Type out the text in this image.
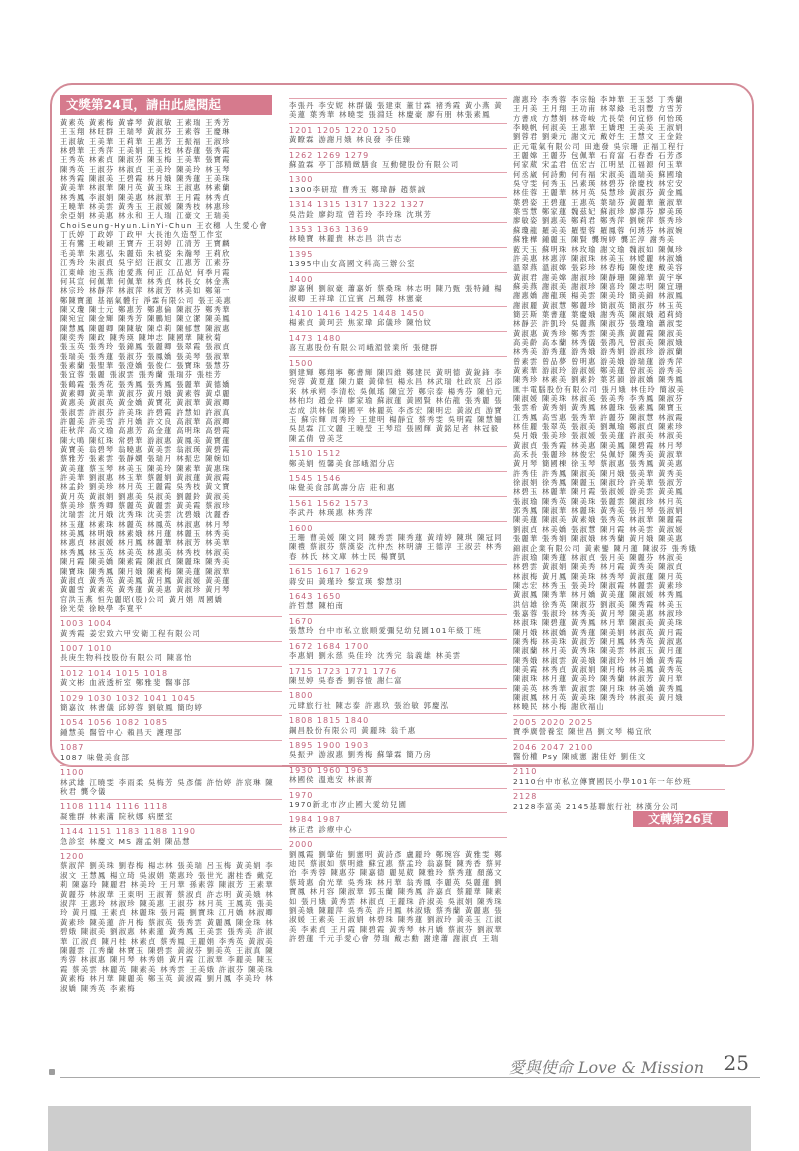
文獎第24頁，請由此處閱起
黃素英 黃素梅 黃睿琴 黃淑敏 王素瑞 王秀芳
王玉翔 林旺群 王瑞琴 黃淑芬 王素蓉 王慶琳
王淑敏 王美華 王莉華 王惠芳 王振福 王淑珍
林碧華 王秀萍 王美娟 王玉枝 林春蓮 張秀霞
王秀英 林素貞 陳淑芬 陳玉梅 王美華 張寶霞
陳秀英 王淑芬 林淑貞 王美玲 陳美玲 林玉琴
林秀霞 陳淑美 王碧霞 林月娥 陳秀蓮 王美珠
黃美華 林淑華 陳月英 黃玉珠 王淑惠 林素蘭
林秀鳳 李淑娟 陳美惠 林淑華 王月霞 林秀貞
王曉華 林美雲 黃秀玉 王淑媛 陳秀枝 林惠珍
余亞娟 林美惠 林永和 王人瑞 江豪文 王瑞美
ChoiSeung-Hyun.LinYi-Chun 王衣穗 人生愛心會
丁氏婷 丁政婷 丁政甲 大長池久造型工作室
王有鸞 王峻穎 王寶卉 王羽婷 江清芳 王寶麟
毛美華 朱惠弘 朱麗茹 朱禎姿 朱瀚琴 王莉欣
江秀玲 朱淑貞 吳宇紹 汪淑女 江惠芳 江素芬
江東峰 池玉燕 池愛燕 何正 江品妃 何季月霞
何其宣 何佩華 何佩華 林秀貞 林長女 林金燕
林宗玲 林靜萍 林淑萍 林淑芳 林美如 鄭第一
鄭陳寶蓮 基福氣體行 淨霖有限公司 張王美惠
陳又瓊 陳士元 鄭惠芳 鄭惠倫 陳淑芬 鄭秀華
陳宛宜 陳金輝 陳秀芳 陳鵬旭 陳立潔 陳美鳳
陳慧鳳 陳麗卿 陳陳敏 陳卓莉 陳郁慧 陳淑惠
陳奕秀 陳政 陳秀瑛 陳坤志 陳國華 陳秋菊
張玉英 張秀玲 張錦鳳 張麗卿 張翠霞 張淑貞
張瑞美 張秀蓮 張淑芬 張鳳嬌 張美琴 張淑華
張素蘭 張聖華 張澄嬌 張俊仁 張寶珠 張慧芬
張宜蓉 張麗 張淑雲 張秀蘭 張瑞芬 張桂芳
張鶴霞 張秀花 張秀鳳 張秀鳳 張麗華 黃德嬌
黃素卿 黃美華 黃淑芬 黃月娥 黃素蓉 黃卓麗
黃惠美 黃淑英 黃金嬌 黃寶花 黃淑華 黃淑卿
張淑雲 許淑芬 許美珠 許碧霞 許慧如 許淑真
許麗美 許美雪 許月嬌 許文良 高淑華 高淑卿
莊秋萍 高文瑜 高惠芳 高金蓮 高明珠 高碧霞
陳大鳴 陳紅珠 常碧華 游淑惠 黃鳳美 黃寶蓮
黃寶美 翁碧琴 翁曉惠 黃美雲 翁淑瑛 黃碧霞
蔡雅芳 張素雲 張靜嫻 張瑞月 林振忠 陳婉如
黃美蓮 蔡玉琴 林美玉 陳美玲 陳素華 黃惠珠
許美華 劉淑惠 林玉華 蔡麗娟 黃淑蓮 黃淑霞
林孟鈴 劉美珍 林月英 王麗霞 吳秀枝 黃文寶
黃月英 黃淑娟 劉惠美 吳淑美 劉麗鈴 黃淑美
蔡美珍 蔡秀卿 蔡麗英 黃麗雲 黃美霞 蔡淑珍
沈瑞雲 沈月娥 沈秀珠 沈美雲 沈碧娥 沈麗香
林玉蓮 林素珠 林麗英 林鳳英 林淑惠 林月琴
林美鳳 林明娥 林素娥 林月蓮 林麗玉 林秀美
林惠貞 林淑媛 林月鳳 林麗華 林淑芳 林美華
林秀鳳 林玉英 林美英 林惠美 林秀枝 林淑美
陳月霞 陳美嬌 陳素霞 陳淑貞 陳麗珠 陳秀美
陳寶珠 陳秀鳳 陳月娥 陳素梅 陳美蓮 陳淑華
黃淑貞 黃秀英 黃美鳳 黃月鳳 黃淑媛 黃美蓮
黃麗雪 黃素英 黃秀蓮 黃美惠 黃淑珍 黃月琴
官洪玉燕 恒先麗昭(股)公司 黃月娟 周國嬌
徐光榮 徐映學 李寬平
1003 1004
黃秀霞 姜宏致六甲安衛工程有限公司
1007 1010
長庚生物科技股份有限公司 陳喜怡
1012 1014 1015 1018
黃文彬 血液透析室 鄭雅斐 醫事部
1029 1030 1032 1041 1045
簡嘉汝 林書儀 邱婷蓉 劉敏鳳 簡昀婷
1054 1056 1082 1085
鍾慧美 醫管中心 賴昌天 護理部
1087
1087 味覺美食部
1100
林武雄 江曉雯 李雨柔 吳梅芳 吳彥儒 許怡婷 許宸琳 陳秋君 龔令儀
1108 1114 1116 1118
凝雅群 林素滿 院秋娜 病歷室
1144 1151 1183 1188 1190
急診室 林慶文 MS 謝孟娟 陳品慧
1200
蔡淑萍 劉美珠 劉春梅 楊志林 張美瑞 呂玉梅 黃美娟 李淑文 王慧鳳 楊立琦 吳淑娟 葉惠玲 張世光 謝桂香 戴克莉 陳嘉玲 陳麗君 林美玲 王月華 孫素蓉 陳淑芳 王素華 黃麗芬 林淑華 王東明 王淑菁 蔡淑貞 許志明 黃美娥 林淑萍 王惠玲 林淑珍 陳美惠 王淑芬 林月英 王鳳英 張美玲 黃月鳳 王素貞 林麗珠 張月霞 劉寶珠 江月嬌 林淑卿 黃素珍 陳美蓮 許月梅 蔡淑英 張秀雲 黃麗鳳 陳金珠 林碧娥 陳淑美 劉淑惠 林素蓮 黃秀鳳 王美雲 張秀美 許淑華 江淑貞 陳月桂 林素貞 蔡秀鳳 王麗娟 李秀英 黃淑美 陳麗雲 江秀蘭 林寶玉 陳碧雲 黃淑芬 劉美英 王淑真 陳秀蓉 林淑惠 陳月琴 林秀娟 黃月霞 江淑華 李麗美 陳玉霞 蔡美雲 林麗英 陳素美 林秀雲 王美娥 許淑芬 陳美珠 黃素梅 林月華 陳麗美 鄭玉英 黃淑霞 劉月鳳 李美玲 林淑嬌 陳秀英 李素梅
李張丹 李安妮 林群儀 張建東 董甘霖 褚秀霞 黃小燕 黃美蓮 葉秀華 林曉雯 張淵廷 林慶豪 廖有朋 林張素鳳
1201 1205 1220 1250
黃瞭霖 游謝月娥 林良發 李佳臻
1262 1269 1279
蘇盈霖 亭丁部精緻膳食 互動健股份有限公司
1300
1300李研瑄 曹秀玉 鄭瑋靜 趙蔡誠
1314 1315 1317 1322 1327
吳浩銓 廖鈞瑄 曾若玲 李玲珠 沈琪芳
1353 1363 1369
林曉寶 林麗貴 林志昌 洪吉志
1395
1395中山女高國文科高三辦公室
1400
廖嘉俐 劉叙豪 蕭嘉妡 蔡桑珠 林志明 陳乃甄 張特鍾 楊淑卿 王祥瑋 江宜賓 呂珮蓉 林憲豪
1410 1416 1425 1448 1450
楊素貞 黃珂芸 焦家瑋 邱儀珍 陳怡妏
1473 1480
喜互惠股份有限公司峨湄營業所 張健群
1500
劉建輝 鄭翔寧 鄭書輝 陳四維 鄭建民 黃明德 黃銳鋒 李宛蓉 黃夏蓮 陳力嚴 黃偉恒 楊永昌 林武瑞 杜政宸 呂添來 林承朔 李清松 吳佩瑤 陳宜芳 鄭宗泰 楊秀芬 陳伯元 林柏均 趙金祥 廖家瑜 蘇淑蓮 黃國賢 林佑龍 張秀麗 張志成 洪林保 陳國平 林麗英 李彥宏 陳明忠 黃淑貞 游寶玉 蘇宗輝 周秀玲 王建明 楊靜宜 蔡秀雯 吳明霞 陳慧姍 吳昆霖 江文麗 王曉瑩 王琴瑄 張國輝 黃銘足者 林冠毅 陳孟倩 曾美芝
1510 1512
鄭美娟 恆馨美食部峨湄分店
1545 1546
味覺美食部萬壽分店 莊和惠
1561 1562 1573
李武丹 林瑛惠 林秀萍
1600
王珊 曹美媛 陳文同 陳秀雲 陳秀蓮 黃靖婷 陳琪 陳冠同 陳禮 蔡淑芬 蔡漢姿 沈仲杰 林明濤 王德淳 王淑芸 林秀春 林氏 林文庫 林士民 楊寶凱
1615 1617 1629
蔣安田 黃瑾玲 黎宣瑛 黎慧羽
1643 1650
許哲慧 陳柏南
1670
張慧玲 台中市私立旅順愛彌兒幼兒園101年級丁班
1672 1684 1700
李惠娟 劉永慈 吳佳玲 沈秀完 翁義雄 林美雲
1715 1723 1771 1776
陳昱婷 吳春香 劉容愷 謝仁富
1800
元肆旅行社 陳志泰 許惠玖 張治敏 郭慶泓
1808 1815 1840
鋼昌股份有限公司 黃麗珠 翁千惠
1895 1900 1903
吳振尹 游淑惠 劉秀梅 蘇肇霖 簡乃房
1930 1960 1963
林國侯 溫進安 林淑菁
1970
1970新北市汐止國大愛幼兒園
1984 1987
林正君 診療中心
2000
劉鳳霞 劉肇佑 劉憲明 黃詩彥 盧麗玲 鄭琬容 黃雅雯 鄭迪民 蔡淑如 蔡明維 蘇宜惠 蔡孟玲 翁嘉賢 陳秀香 蔡昇治 李秀蓉 陳惠芬 陳嘉德 麗晃葳 陳雅玲 蔡秀蓮 顏藹文 蔡琦惠 俞光華 吳秀珠 林月華 翁秀鳳 李麗英 吳麗蓮 劉寶鳳 林月容 陳淑華 郭玉蘭 陳秀鳳 許嘉貞 蔡麗華 陳素如 張月娥 黃秀雲 林淑貞 王麗珠 許淑美 吳淑娟 陳秀珠 劉美娥 陳麗萍 吳秀英 許月鳳 林淑娥 蔡秀蘭 黃麗惠 張淑媛 王素美 王淑娟 林碧珠 陳秀蓮 劉淑玲 黃美玉 江淑美 李素貞 王月霞 陳碧霞 黃秀琴 林月嬌 蔡淑芬 劉淑華 許碧蓮 千元手愛心會 勞瑞 戴志勳 謝達蕭 謝淑貞 王瑞
謝惠玲 李秀蓉 李宗翰 李坤華 王玉瑟 丁秀蘭
王月美 王月翔 王功甫 林翠綠 毛羽豐 方雪芳
方書成 方慧娟 林奇峻 尤長榮 何宜修 何怡瑛
李曉帆 何淑美 王惠華 王嬌理 王美美 王淑娟
劉蓉君 劉秉元 謝文元 戴妤生 王慧文 王金銓
正元電氣有限公司 田進發 吳宗珊 正福工程行
王麗嫦 王麗芬 包佩華 石育富 石春香 石芳彥
何家葳 宋孟君 伍宏吉 江明星 江福源 何玉華
何丞崴 何詩勳 何有福 宋淑美 溫瑞美 蘇國瑜
吳守雯 何秀玉 呂素瑛 林碧芬 徐慶枝 林宏安
林佳蓉 王麗華 林月英 吳慧珍 黃淑芬 黃金鳳
葉碧姿 王碧蓮 王惠英 葉瑞芬 黃麗華 董淑華
葉雪慧 鄭家蓮 魏茲妃 蘇淑珍 廖澤芬 廖美瑛
廖敏姿 劉惠美 鄭莉君 鄭秀萍 劉婉萍 蔡秀珍
蘇瓊龍 羅美美 羅聖蓉 羅鳳蓉 何琇芬 林淑婉
蘇雅樺 鍾麗玉 陳賢 龔琬婷 龔芷淳 謝秀美
藍天玉 蘇明珠 林玫瑜 謝文瑜 魏淑如 陳佩珍
許美惠 林惠淳 陳淑珠 林美玉 林嬡麗 林淑嬌
溫翠燕 溫淑嫦 張彩珍 林春梅 陳俊達 戴美容
黃淑君 謝美嫦 謝淑珍 陳靜珊 陳錦華 黃宇寧
蘇美燕 謝淑美 謝淑珍 陳喜玲 陳志明 陳宜珊
謝惠嬌 謝龍瑛 楊美雲 陳美玲 簡美錦 林淑鳳
謝淑麗 黃淑慧 鄭麗珍 簡淑英 簡淑芬 林玉英
簡芸斯 葉書蓮 葉慶娥 謝秀英 陳淑娥 趙莉綺
林靜芸 許凱玲 吳麗燕 陳淑芬 張瓊瑜 蕭淑雯
黃淑惠 黃秀珍 鄭秀雲 陳美燕 黃麗霞 陳淑美
高美齡 高本蘭 林秀儀 張鴻凡 曾淑美 陳淑娥
林秀美 游秀蓮 游秀娥 游秀娟 游淑珍 游淑蘭
曾素雲 曾品夢 曾明惠 游美娥 游瑞蓮 游秀萍
黃素華 游淑玲 游淑媛 鄭美蓮 曾淑美 游秀美
陳秀珍 林素美 劉素鈴 葉茗韻 游淑嬌 陳秀鳳
匯丰電腦股份有限公司 張月娥 林佳玲 簡淑美
陳淑媛 陳美珠 林淑美 張美秀 李秀鳳 陳淑芬
張雲希 黃秀娟 黃秀鳳 林麗珠 張素鳳 陳寶玉
江秀鳳 高雪惠 張秀華 許麗芬 陳淑慧 林淑霞
林佳麗 張翠英 張淑美 劉珮瑜 鄭淑貞 陳素珍
吳月娥 張美珍 張淑媛 張美蓮 許淑美 林淑美
黃淑貞 張秀霞 林美惠 陳美鳳 陳碧霞 林月琴
高禾長 張麗珍 林俊宏 吳佩妤 陳秀美 黃淑華
黃月琴 簡國棟 徐玉琴 蔡淑惠 張秀鳳 黃美惠
許秀佳 許秀鳳 陳淑美 陳月娥 張美華 黃秀美
徐淑娟 徐秀鳳 陳麗玉 陳淑玲 許美華 張淑芳
林碧玉 林麗華 陳月霞 張淑媛 游美雲 黃美鳳
張淑瑜 陳秀英 陳美珠 張麗雲 陳淑珍 林月英
郭秀鳳 陳淑華 林麗珠 黃秀美 張月琴 張淑娟
陳美蓮 陳淑美 黃素娥 張秀英 林淑華 陳麗霞
劉淑貞 林美嬌 張淑慧 陳月霞 林美雲 黃淑媛
張麗華 張秀娟 陳淑娥 林秀蘭 黃月娥 陳美惠
錦淑企業有限公司 黃素鑾 陳月蓮 陳淑芬 張秀娥
許淑瑜 陳秀蓮 林淑貞 張月美 陳麗芬 林淑美
林碧雲 黃淑娟 陳美秀 林月霞 黃秀美 陳淑貞
林淑梅 黃月鳳 陳美珠 林秀琴 黃淑蓮 陳月英
陳志宏 林秀玉 張美玲 陳淑霞 林麗雲 黃素珍
黃淑鳳 陳秀華 林月嬌 黃美蓮 陳淑媛 林秀鳳
洪信雄 徐秀英 陳淑芬 劉淑美 陳秀霞 林美玉
張嘉蓉 張淑玲 林秀美 黃月琴 陳美惠 林淑珍
林淑珠 陳碧蓮 黃秀鳳 林月華 陳淑美 黃美珠
陳月娥 林淑嬌 黃秀蓮 陳美娟 林淑英 黃月霞
陳秀梅 林美珠 黃淑芳 陳月鳳 林秀英 黃淑惠
陳淑蘭 林月美 黃秀珠 陳美雲 林淑玉 黃月蓮
陳秀娥 林淑雲 黃美娥 陳淑玲 林月嬌 黃秀霞
陳美霞 林秀貞 黃淑娟 陳月梅 林美鳳 黃秀英
陳淑珠 林月蓮 黃美玲 陳秀蘭 林淑芳 黃月華
陳美英 林秀華 黃淑雲 陳月珠 林美嬌 黃秀鳳
陳淑鳳 林月英 黃美珠 陳秀玲 林淑美 黃月娥
林曉民 林小梅 謝欣福山
2005 2020 2025
寶季廣營養室 陳世昌 劉文琴 楊宜欣
2046 2047 2100
醫份權 Psy 陳威憲 謝佳妤 劉佳文
2110
2110台中市私立傳寶國民小學101年一年紗班
2128
2128李富美 2145基聯旅行社 林漢分公司
文轉第26頁
愛與使命 Love & Mission 25
